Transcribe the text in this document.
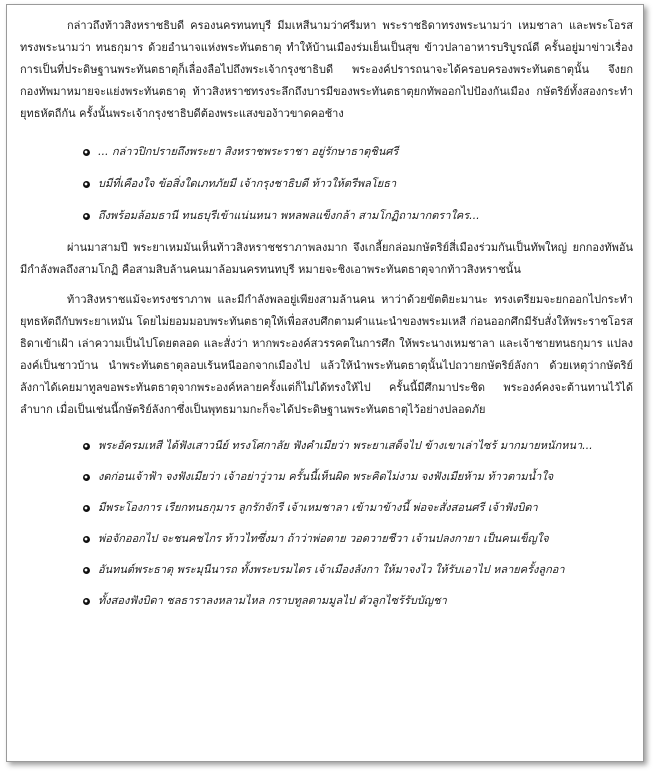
กล่าวถึงท้าวสิงหราชธิบดี ครองนครทนทบุรี มีมเหสีนามว่าศรีมหา พระราชธิดาทรงพระนามว่า เหมชาลา และพระโอรสทรงพระนามว่า ทนธกุมาร ด้วยอำนาจแห่งพระทันตธาตุ ทำให้บ้านเมืองร่มเย็นเป็นสุข ข้าวปลาอาหารบริบูรณ์ดี ครั้นอยู่มาข่าวเรื่องการเป็นที่ประดิษฐานพระทันตธาตุก็เลื่องลือไปถึงพระเจ้ากรุงชาธิบดี พระองค์ปรารถนาจะได้ครอบครองพระทันตธาตุนั้น จึงยกกองทัพมาหมายจะแย่งพระทันตธาตุ ท้าวสิงหราชทรงระลึกถึงบารมีของพระทันตธาตุยกทัพออกไปป้องกันเมือง กษัตริย์ทั้งสองกระทำยุทธหัตถีกัน ครั้งนั้นพระเจ้ากรุงชาธิบดีต้องพระแสงของ้าวขาดคอช้าง

... กล่าวปิกปรายถึงพระยา สิงหราชพระราชา อยู่รักษาธาตุชินศรี
บมีที่เคืองใจ ข้อสิ่งใดเภทภัยมี เจ้ากรุงชาธิบดี ท้าวให้ตรีพลโยธา
ถึงพร้อมล้อมธานี ทนธบุรีเข้าแน่นหนา พหลพลแข็งกล้า สามโกฏิถามากตราใคร...

ผ่านมาสามปี พระยาเหมมันเห็นท้าวสิงหราชชราภาพลงมาก จึงเกลี้ยกล่อมกษัตริย์สี่เมืองร่วมกันเป็นทัพใหญ่ ยกกองทัพอันมีกำลังพลถึงสามโกฏิ คือสามสิบล้านคนมาล้อมนครทนทบุรี หมายจะชิงเอาพระทันตธาตุจากท้าวสิงหราชนั้น

ท้าวสิงหราชแม้จะทรงชราภาพ และมีกำลังพลอยู่เพียงสามล้านคน หาว่าด้วยขัตติยะมานะ ทรงเตรียมจะยกออกไปกระทำยุทธหัตถีกับพระยาเหมัน โดยไม่ยอมมอบพระทันตธาตุให้เพื่อสงบศึกตามคำแนะนำของพระมเหสี ก่อนออกศึกมีรับสั่งให้พระราชโอรสธิดาเข้าเฝ้า เล่าความเป็นไปโดยตลอด และสั่งว่า หากพระองค์สวรรคตในการศึก ให้พระนางเหมชาลา และเจ้าชายทนธกุมาร แปลงองค์เป็นชาวบ้าน นำพระทันตธาตุลอบเร้นหนีออกจากเมืองไป แล้วให้นำพระทันตธาตุนั้นไปถวายกษัตริย์ลังกา ด้วยเหตุว่ากษัตริย์ลังกาได้เคยมาทูลขอพระทันตธาตุจากพระองค์หลายครั้งแต่ก็ไม่ได้ทรงให้ไป ครั้นนี้มีศึกมาประชิด พระองค์คงจะต้านทานไว้ได้ลำบาก เมื่อเป็นเช่นนี้กษัตริย์ลังกาซึ่งเป็นพุทธมามกะก็จะได้ประดิษฐานพระทันตธาตุไว้อย่างปลอดภัย

พระอัครมเหสี ได้ฟังเสาวนีย์ ทรงโศกาลัย ฟังคำเมียว่า พระยาเสด็จไป ข้างเขาเล่าไซร้ มากมายหนักหนา...
งดก่อนเจ้าฟ้า จงฟังเมียว่า เจ้าอย่าวู่วาม ครั้นนี้เห็นผิด พระคิดไม่งาม จงฟังเมียห้าม ท้าวตามน้ำใจ
มีพระโองการ เรียกทนธกุมาร ลูกรักจักรี เจ้าเหมชาลา เข้ามาข้างนี้ พ่อจะสั่งสอนศรี เจ้าฟังบิดา
พ่อจักออกไป จะชนคชไกร ท้าวไทซึ่งมา ถ้าว่าพ่อตาย วอดวายชีวา เจ้านปลงกายา เป็นคนเข็ญใจ
อันทนต์พระธาตุ พระมุนีนารถ ทั้งพระบรมไตร เจ้าเมืองลังกา ให้มาจงไว ให้รับเอาไป หลายครั้งลูกอา
ทั้งสองฟังบิดา ชลธาราลงหลามไหล กราบทูลตามมูลไป ตัวลูกไซร้รับบัญชา
